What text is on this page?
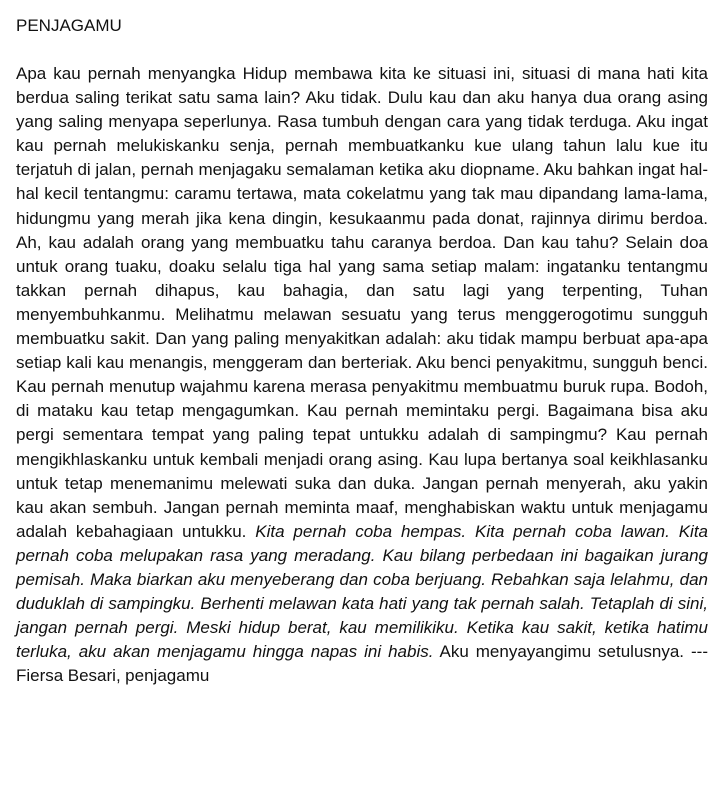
PENJAGAMU

Apa kau pernah menyangka Hidup membawa kita ke situasi ini, situasi di mana hati kita berdua saling terikat satu sama lain? Aku tidak. Dulu kau dan aku hanya dua orang asing yang saling menyapa seperlunya. Rasa tumbuh dengan cara yang tidak terduga. Aku ingat kau pernah melukiskanku senja, pernah membuatkanku kue ulang tahun lalu kue itu terjatuh di jalan, pernah menjagaku semalaman ketika aku diopname. Aku bahkan ingat hal-hal kecil tentangmu: caramu tertawa, mata cokelatmu yang tak mau dipandang lama-lama, hidungmu yang merah jika kena dingin, kesukaanmu pada donat, rajinnya dirimu berdoa. Ah, kau adalah orang yang membuatku tahu caranya berdoa. Dan kau tahu? Selain doa untuk orang tuaku, doaku selalu tiga hal yang sama setiap malam: ingatanku tentangmu takkan pernah dihapus, kau bahagia, dan satu lagi yang terpenting, Tuhan menyembuhkanmu. Melihatmu melawan sesuatu yang terus menggerogotimu sungguh membuatku sakit. Dan yang paling menyakitkan adalah: aku tidak mampu berbuat apa-apa setiap kali kau menangis, menggeram dan berteriak. Aku benci penyakitmu, sungguh benci. Kau pernah menutup wajahmu karena merasa penyakitmu membuatmu buruk rupa. Bodoh, di mataku kau tetap mengagumkan. Kau pernah memintaku pergi. Bagaimana bisa aku pergi sementara tempat yang paling tepat untukku adalah di sampingmu? Kau pernah mengikhlaskanku untuk kembali menjadi orang asing. Kau lupa bertanya soal keikhlasanku untuk tetap menemanimu melewati suka dan duka. Jangan pernah menyerah, aku yakin kau akan sembuh. Jangan pernah meminta maaf, menghabiskan waktu untuk menjagamu adalah kebahagiaan untukku. Kita pernah coba hempas. Kita pernah coba lawan. Kita pernah coba melupakan rasa yang meradang. Kau bilang perbedaan ini bagaikan jurang pemisah. Maka biarkan aku menyeberang dan coba berjuang. Rebahkan saja lelahmu, dan duduklah di sampingku. Berhenti melawan kata hati yang tak pernah salah. Tetaplah di sini, jangan pernah pergi. Meski hidup berat, kau memilikiku. Ketika kau sakit, ketika hatimu terluka, aku akan menjagamu hingga napas ini habis. Aku menyayangimu setulusnya. --- Fiersa Besari, penjagamu
